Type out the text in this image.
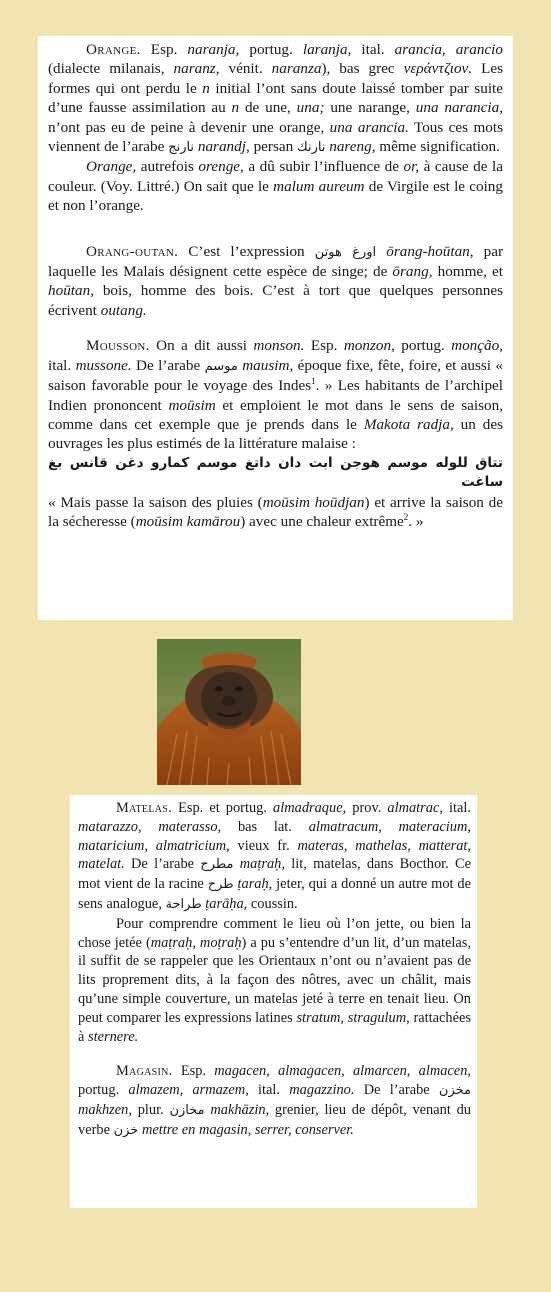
Orange. Esp. naranja, portug. laranja, ital. arancia, arancio (dialecte milanais, naranz, vénit. naranza), bas grec νεράντζιον. Les formes qui ont perdu le n initial l’ont sans doute laissé tomber par suite d’une fausse assimilation au n de une, una; une narange, una narancia, n’ont pas eu de peine à devenir une orange, una arancia. Tous ces mots viennent de l’arabe نارنج narandj, persan نارنك nareng, même signification.

Orange, autrefois orenge, a dû subir l’influence de or, à cause de la couleur. (Voy. Littré.) On sait que le malum aureum de Virgile est le coing et non l’orange.

Orang-outan. C’est l’expression اورغ هوتن ōrang-hoūtan, par laquelle les Malais désignent cette espèce de singe; de ōrang, homme, et hoūtan, bois, homme des bois. C’est à tort que quelques personnes écrivent outang.

Mousson. On a dit aussi monson. Esp. monzon, portug. monção, ital. mussone. De l’arabe موسم mausim, époque fixe, fête, foire, et aussi « saison favorable pour le voyage des Indes$^1$. » Les habitants de l’archipel Indien prononcent moūsim et emploient le mot dans le sens de saison, comme dans cet exemple que je prends dans le Makota radja, un des ouvrages les plus estimés de la littérature malaise :

تتاق للوله موسم هوجن ابت دان داتغ موسم كمارو دغن قانس بغ ساغت

« Mais passe la saison des pluies (moūsim hoūdjan) et arrive la saison de la sécheresse (moūsim kamārou) avec une chaleur extrême$^2$. »

Matelas. Esp. et portug. almadraque, prov. almatrac, ital. matarazzo, materasso, bas lat. almatracum, materacium, mataricium, almatricium, vieux fr. materas, mathelas, matterat, matelat. De l’arabe مطرح maṭraḥ, lit, matelas, dans Bocthor. Ce mot vient de la racine طرح ṭaraḥ, jeter, qui a donné un autre mot de sens analogue, طراحة ṭarāḥa, coussin.

Pour comprendre comment le lieu où l’on jette, ou bien la chose jetée (maṭraḥ, moṭraḥ) a pu s’entendre d’un lit, d’un matelas, il suffit de se rappeler que les Orientaux n’ont ou n’avaient pas de lits proprement dits, à la façon des nôtres, avec un châlit, mais qu’une simple couverture, un matelas jeté à terre en tenait lieu. On peut comparer les expressions latines stratum, stragulum, rattachées à sternere.

Magasin. Esp. magacen, almagacen, almarcen, almacen, portug. almazem, armazem, ital. magazzino. De l’arabe مخزن makhzen, plur. مخازن makhāzin, grenier, lieu de dépôt, venant du verbe خزن mettre en magasin, serrer, conserver.
